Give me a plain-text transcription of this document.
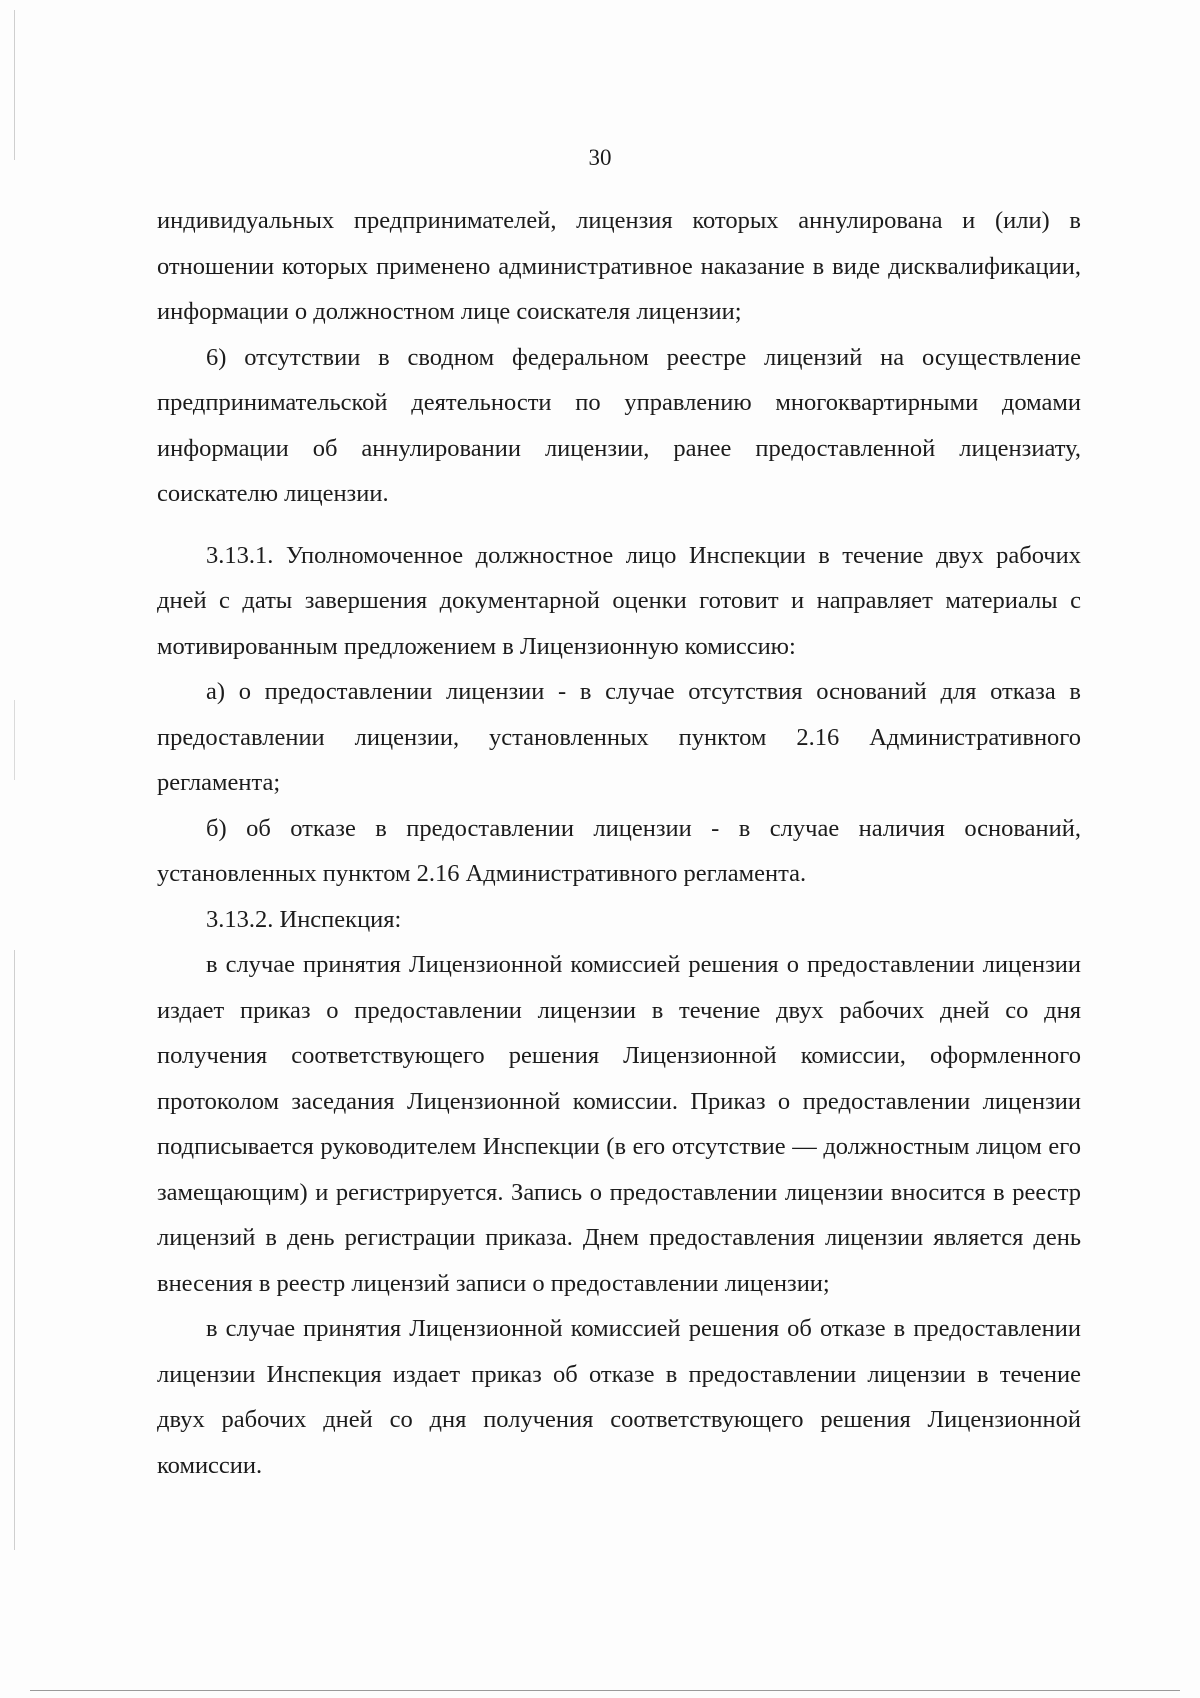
30

индивидуальных предпринимателей, лицензия которых аннулирована и (или) в отношении которых применено административное наказание в виде дисквалификации, информации о должностном лице соискателя лицензии;

6) отсутствии в сводном федеральном реестре лицензий на осуществление предпринимательской деятельности по управлению многоквартирными домами информации об аннулировании лицензии, ранее предоставленной лицензиату, соискателю лицензии.

3.13.1. Уполномоченное должностное лицо Инспекции в течение двух рабочих дней с даты завершения документарной оценки готовит и направляет материалы с мотивированным предложением в Лицензионную комиссию:

а) о предоставлении лицензии - в случае отсутствия оснований для отказа в предоставлении лицензии, установленных пунктом 2.16 Административного регламента;

б) об отказе в предоставлении лицензии - в случае наличия оснований, установленных пунктом 2.16 Административного регламента.

3.13.2. Инспекция:

в случае принятия Лицензионной комиссией решения о предоставлении лицензии издает приказ о предоставлении лицензии в течение двух рабочих дней со дня получения соответствующего решения Лицензионной комиссии, оформленного протоколом заседания Лицензионной комиссии. Приказ о предоставлении лицензии подписывается руководителем Инспекции (в его отсутствие — должностным лицом его замещающим) и регистрируется. Запись о предоставлении лицензии вносится в реестр лицензий в день регистрации приказа. Днем предоставления лицензии является день внесения в реестр лицензий записи о предоставлении лицензии;

в случае принятия Лицензионной комиссией решения об отказе в предоставлении лицензии Инспекция издает приказ об отказе в предоставлении лицензии в течение двух рабочих дней со дня получения соответствующего решения Лицензионной комиссии.
